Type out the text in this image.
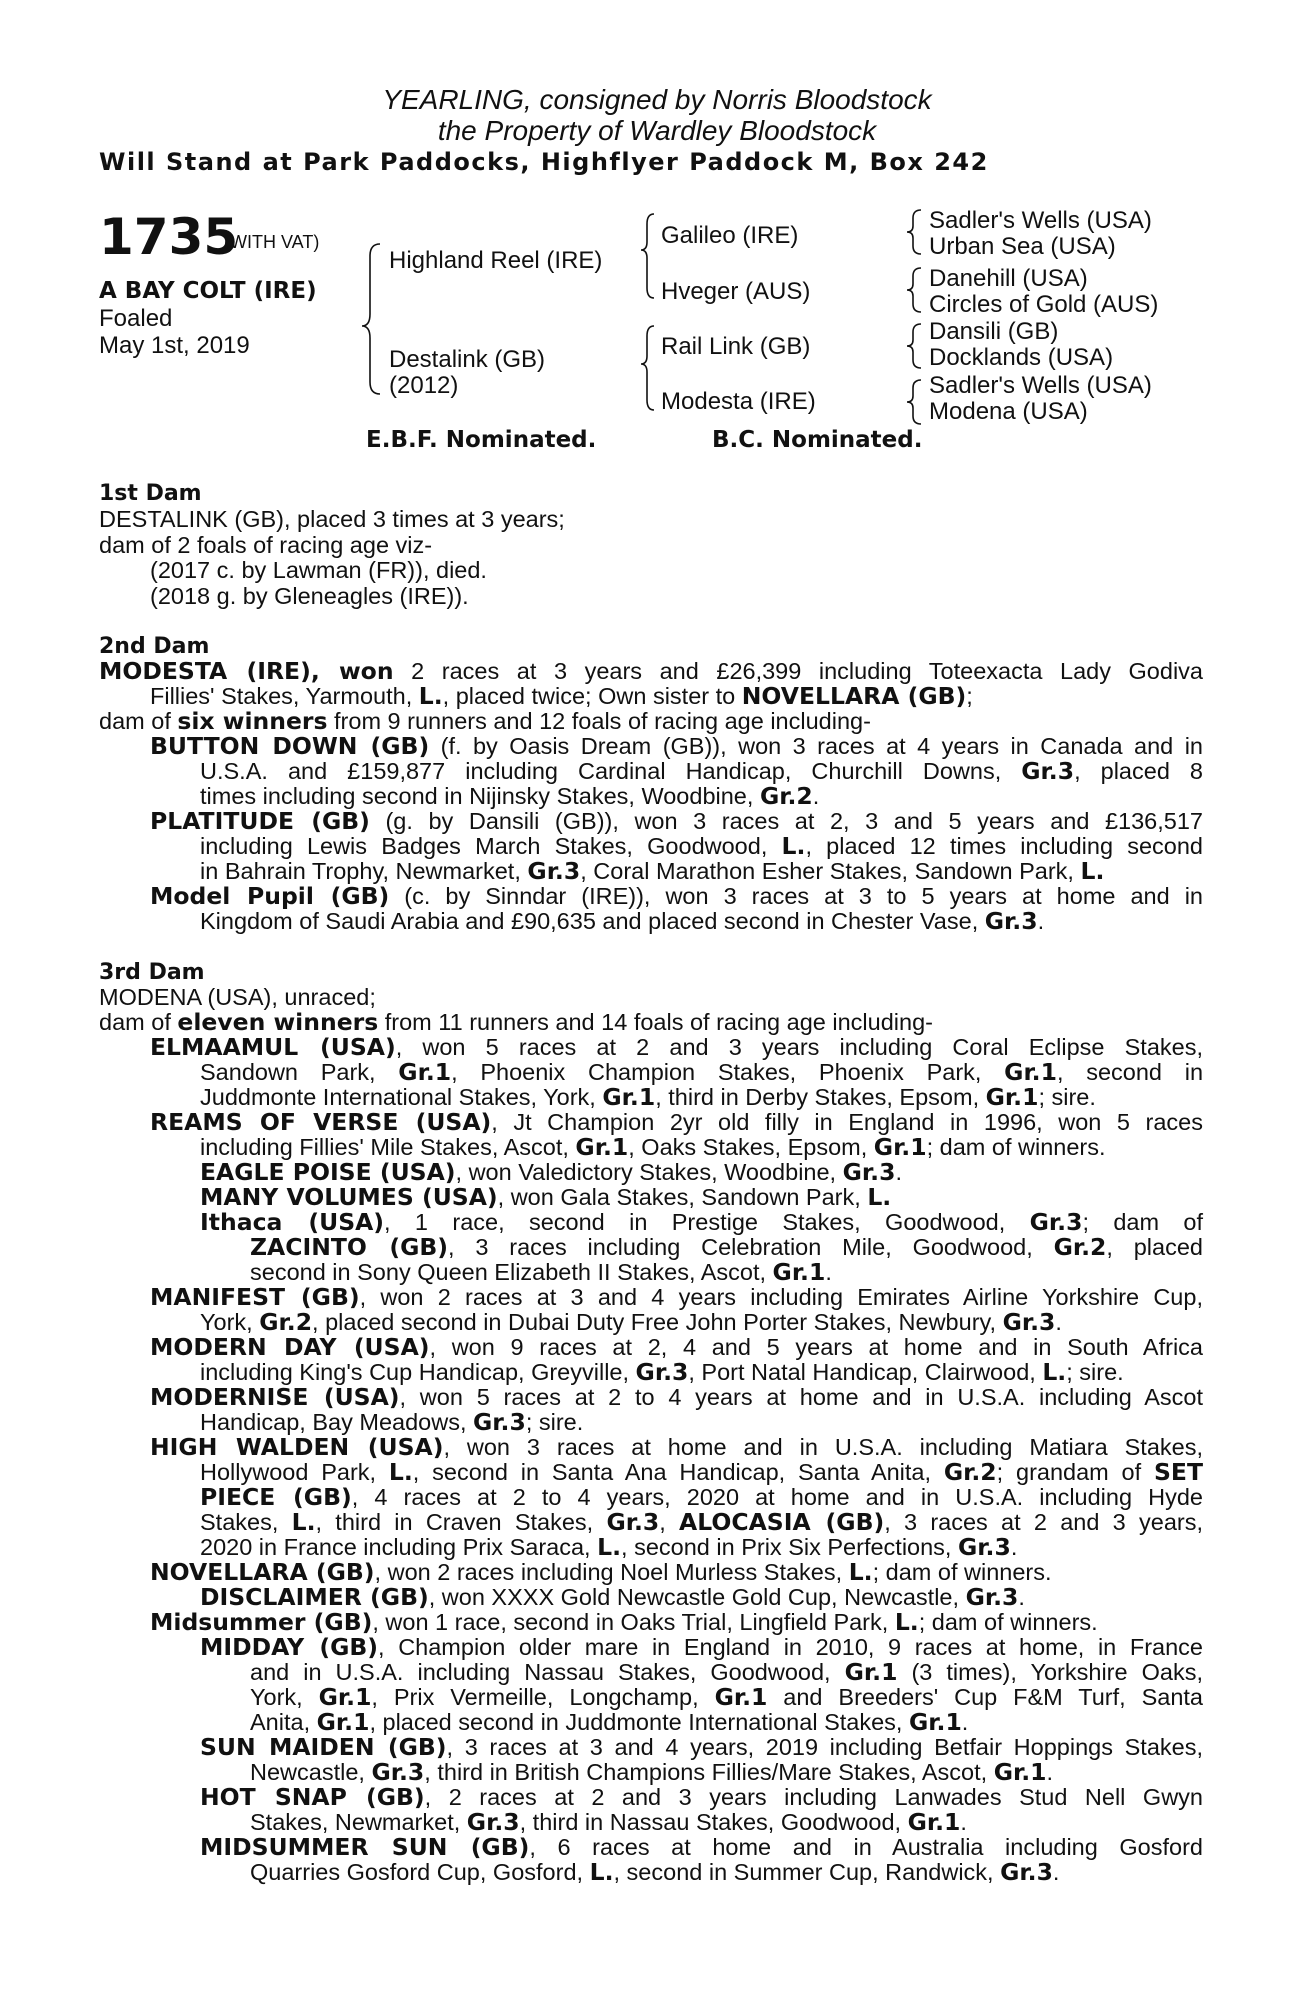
YEARLING, consigned by Norris Bloodstock
the Property of Wardley Bloodstock
Will Stand at Park Paddocks, Highflyer Paddock M, Box 242
1735
(WITH VAT)
A BAY COLT (IRE)
Foaled
May 1st, 2019
Highland Reel (IRE)
Destalink (GB)
(2012)
Galileo (IRE)
Hveger (AUS)
Rail Link (GB)
Modesta (IRE)
Sadler's Wells (USA)
Urban Sea (USA)
Danehill (USA)
Circles of Gold (AUS)
Dansili (GB)
Docklands (USA)
Sadler's Wells (USA)
Modena (USA)
E.B.F. Nominated.	B.C. Nominated.
1st Dam
DESTALINK (GB), placed 3 times at 3 years;
dam of 2 foals of racing age viz-
(2017 c. by Lawman (FR)), died.
(2018 g. by Gleneagles (IRE)).
2nd Dam
MODESTA (IRE), won 2 races at 3 years and £26,399 including Toteexacta Lady Godiva
Fillies' Stakes, Yarmouth, L., placed twice; Own sister to NOVELLARA (GB);
dam of six winners from 9 runners and 12 foals of racing age including-
BUTTON DOWN (GB) (f. by Oasis Dream (GB)), won 3 races at 4 years in Canada and in
U.S.A. and £159,877 including Cardinal Handicap, Churchill Downs, Gr.3, placed 8
times including second in Nijinsky Stakes, Woodbine, Gr.2.
PLATITUDE (GB) (g. by Dansili (GB)), won 3 races at 2, 3 and 5 years and £136,517
including Lewis Badges March Stakes, Goodwood, L., placed 12 times including second
in Bahrain Trophy, Newmarket, Gr.3, Coral Marathon Esher Stakes, Sandown Park, L.
Model Pupil (GB) (c. by Sinndar (IRE)), won 3 races at 3 to 5 years at home and in
Kingdom of Saudi Arabia and £90,635 and placed second in Chester Vase, Gr.3.
3rd Dam
MODENA (USA), unraced;
dam of eleven winners from 11 runners and 14 foals of racing age including-
ELMAAMUL (USA), won 5 races at 2 and 3 years including Coral Eclipse Stakes,
Sandown Park, Gr.1, Phoenix Champion Stakes, Phoenix Park, Gr.1, second in
Juddmonte International Stakes, York, Gr.1, third in Derby Stakes, Epsom, Gr.1; sire.
REAMS OF VERSE (USA), Jt Champion 2yr old filly in England in 1996, won 5 races
including Fillies' Mile Stakes, Ascot, Gr.1, Oaks Stakes, Epsom, Gr.1; dam of winners.
EAGLE POISE (USA), won Valedictory Stakes, Woodbine, Gr.3.
MANY VOLUMES (USA), won Gala Stakes, Sandown Park, L.
Ithaca (USA), 1 race, second in Prestige Stakes, Goodwood, Gr.3; dam of
ZACINTO (GB), 3 races including Celebration Mile, Goodwood, Gr.2, placed
second in Sony Queen Elizabeth II Stakes, Ascot, Gr.1.
MANIFEST (GB), won 2 races at 3 and 4 years including Emirates Airline Yorkshire Cup,
York, Gr.2, placed second in Dubai Duty Free John Porter Stakes, Newbury, Gr.3.
MODERN DAY (USA), won 9 races at 2, 4 and 5 years at home and in South Africa
including King's Cup Handicap, Greyville, Gr.3, Port Natal Handicap, Clairwood, L.; sire.
MODERNISE (USA), won 5 races at 2 to 4 years at home and in U.S.A. including Ascot
Handicap, Bay Meadows, Gr.3; sire.
HIGH WALDEN (USA), won 3 races at home and in U.S.A. including Matiara Stakes,
Hollywood Park, L., second in Santa Ana Handicap, Santa Anita, Gr.2; grandam of SET
PIECE (GB), 4 races at 2 to 4 years, 2020 at home and in U.S.A. including Hyde
Stakes, L., third in Craven Stakes, Gr.3, ALOCASIA (GB), 3 races at 2 and 3 years,
2020 in France including Prix Saraca, L., second in Prix Six Perfections, Gr.3.
NOVELLARA (GB), won 2 races including Noel Murless Stakes, L.; dam of winners.
DISCLAIMER (GB), won XXXX Gold Newcastle Gold Cup, Newcastle, Gr.3.
Midsummer (GB), won 1 race, second in Oaks Trial, Lingfield Park, L.; dam of winners.
MIDDAY (GB), Champion older mare in England in 2010, 9 races at home, in France
and in U.S.A. including Nassau Stakes, Goodwood, Gr.1 (3 times), Yorkshire Oaks,
York, Gr.1, Prix Vermeille, Longchamp, Gr.1 and Breeders' Cup F&M Turf, Santa
Anita, Gr.1, placed second in Juddmonte International Stakes, Gr.1.
SUN MAIDEN (GB), 3 races at 3 and 4 years, 2019 including Betfair Hoppings Stakes,
Newcastle, Gr.3, third in British Champions Fillies/Mare Stakes, Ascot, Gr.1.
HOT SNAP (GB), 2 races at 2 and 3 years including Lanwades Stud Nell Gwyn
Stakes, Newmarket, Gr.3, third in Nassau Stakes, Goodwood, Gr.1.
MIDSUMMER SUN (GB), 6 races at home and in Australia including Gosford
Quarries Gosford Cup, Gosford, L., second in Summer Cup, Randwick, Gr.3.
